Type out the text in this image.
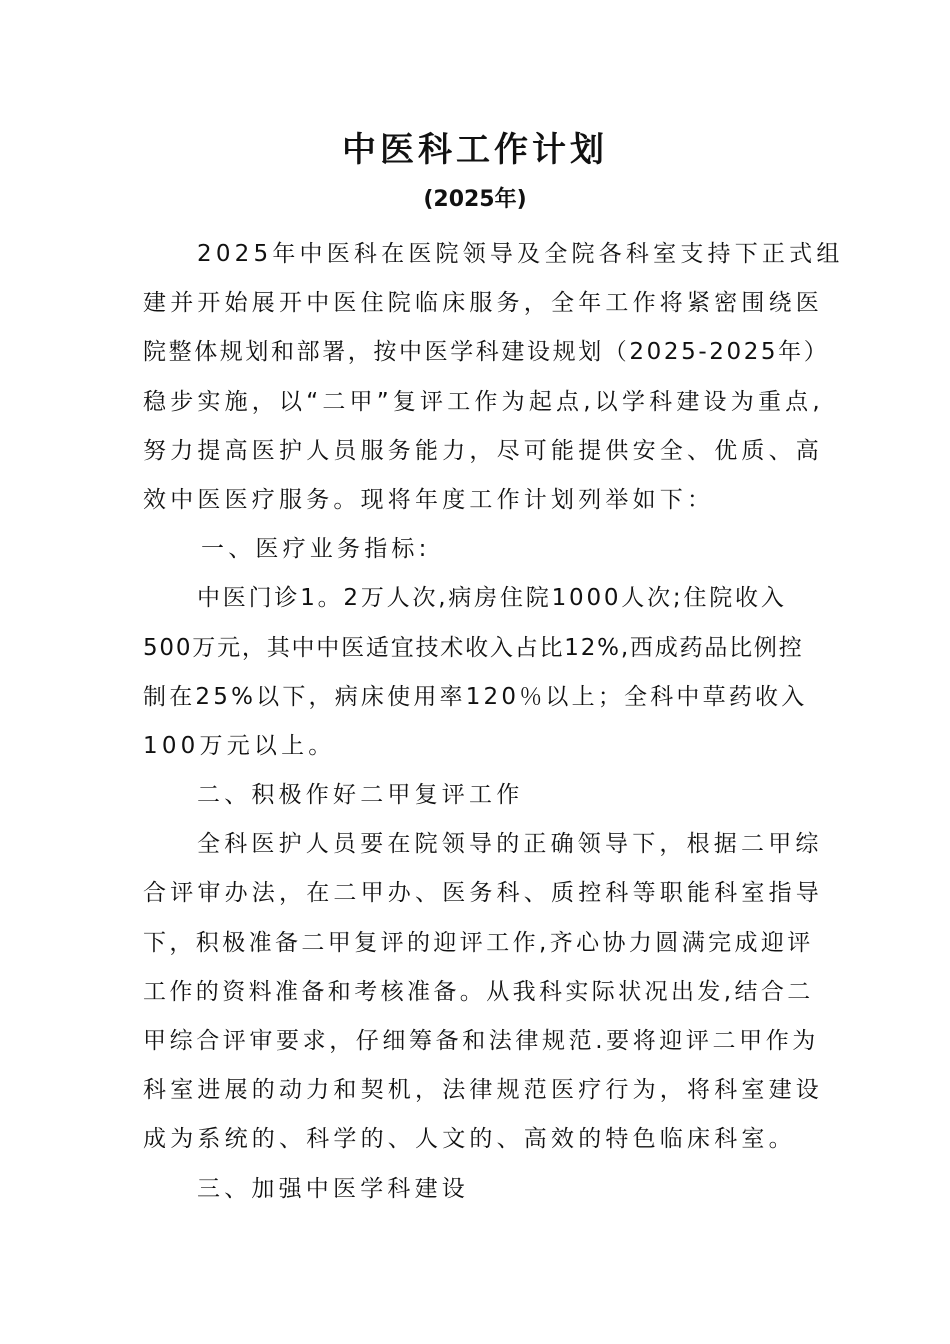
中医科工作计划
(2025年)
2025年中医科在医院领导及全院各科室支持下正式组
建并开始展开中医住院临床服务，全年工作将紧密围绕医
院整体规划和部署，按中医学科建设规划（2025-2025年）
稳步实施，以“二甲”复评工作为起点,以学科建设为重点,
努力提高医护人员服务能力，尽可能提供安全、优质、高
效中医医疗服务。现将年度工作计划列举如下：
一、医疗业务指标:
中医门诊1。2万人次,病房住院1000人次;住院收入
500万元，其中中医适宜技术收入占比12%,西成药品比例控
制在25%以下，病床使用率120％以上；全科中草药收入
100万元以上。
二、积极作好二甲复评工作
全科医护人员要在院领导的正确领导下，根据二甲综
合评审办法，在二甲办、医务科、质控科等职能科室指导
下，积极准备二甲复评的迎评工作,齐心协力圆满完成迎评
工作的资料准备和考核准备。从我科实际状况出发,结合二
甲综合评审要求，仔细筹备和法律规范.要将迎评二甲作为
科室进展的动力和契机，法律规范医疗行为，将科室建设
成为系统的、科学的、人文的、高效的特色临床科室。
三、加强中医学科建设
